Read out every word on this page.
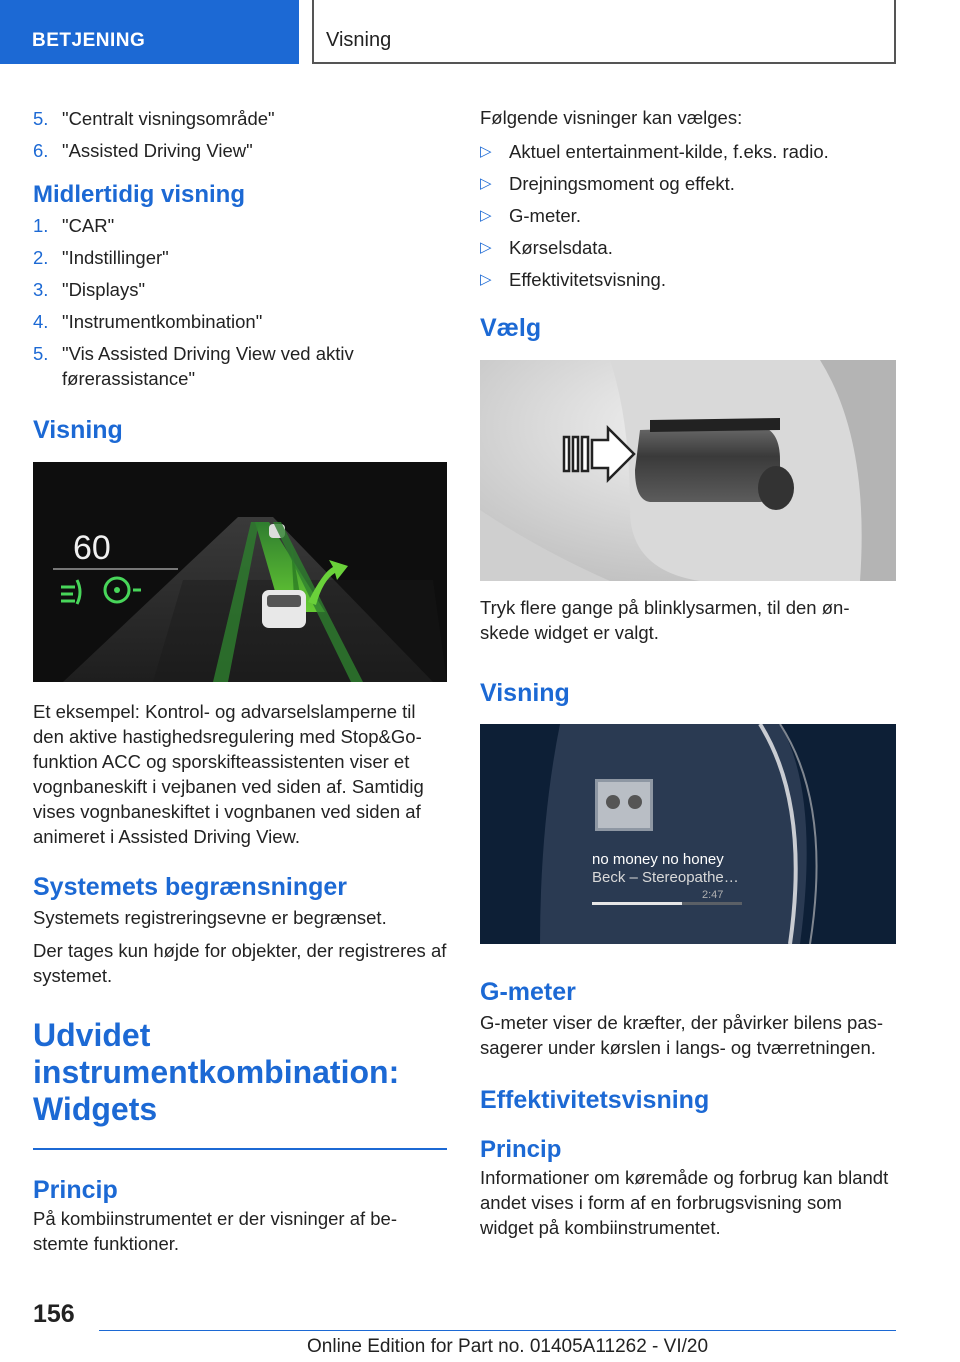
BETJENING	Visning
5. "Centralt visningsområde"
6. "Assisted Driving View"
Midlertidig visning
1. "CAR"
2. "Indstillinger"
3. "Displays"
4. "Instrumentkombination"
5. "Vis Assisted Driving View ved aktiv førerassistance"
Visning
60

Et eksempel: Kontrol- og advarselslamperne til den aktive hastighedsregulering med Stop&Go-funktion ACC og sporskifteassistenten viser et vognbaneskift i vejbanen ved siden af. Samtidig vises vognbaneskiftet i vognbanen ved siden af animeret i Assisted Driving View.

Systemets begrænsninger

Systemets registreringsevne er begrænset.

Der tages kun højde for objekter, der registreres af systemet.

Udvidet instrumentkombination: Widgets
Princip

På kombiinstrumentet er der visninger af be-stemte funktioner.

Følgende visninger kan vælges:

▷ Aktuel entertainment-kilde, f.eks. radio.
▷ Drejningsmoment og effekt.
▷ G-meter.
▷ Kørselsdata.
▷ Effektivitetsvisning.
Vælg

Tryk flere gange på blinklysarmen, til den øn-skede widget er valgt.

Visning
no money no honey
Beck – Stereopathe…
2:47
G-meter

G-meter viser de kræfter, der påvirker bilens pas-sagerer under kørslen i langs- og tværretningen.

Effektivitetsvisning
Princip

Informationer om køremåde og forbrug kan blandt andet vises i form af en forbrugsvisning som widget på kombiinstrumentet.

156
Online Edition for Part no. 01405A11262 - VI/20
